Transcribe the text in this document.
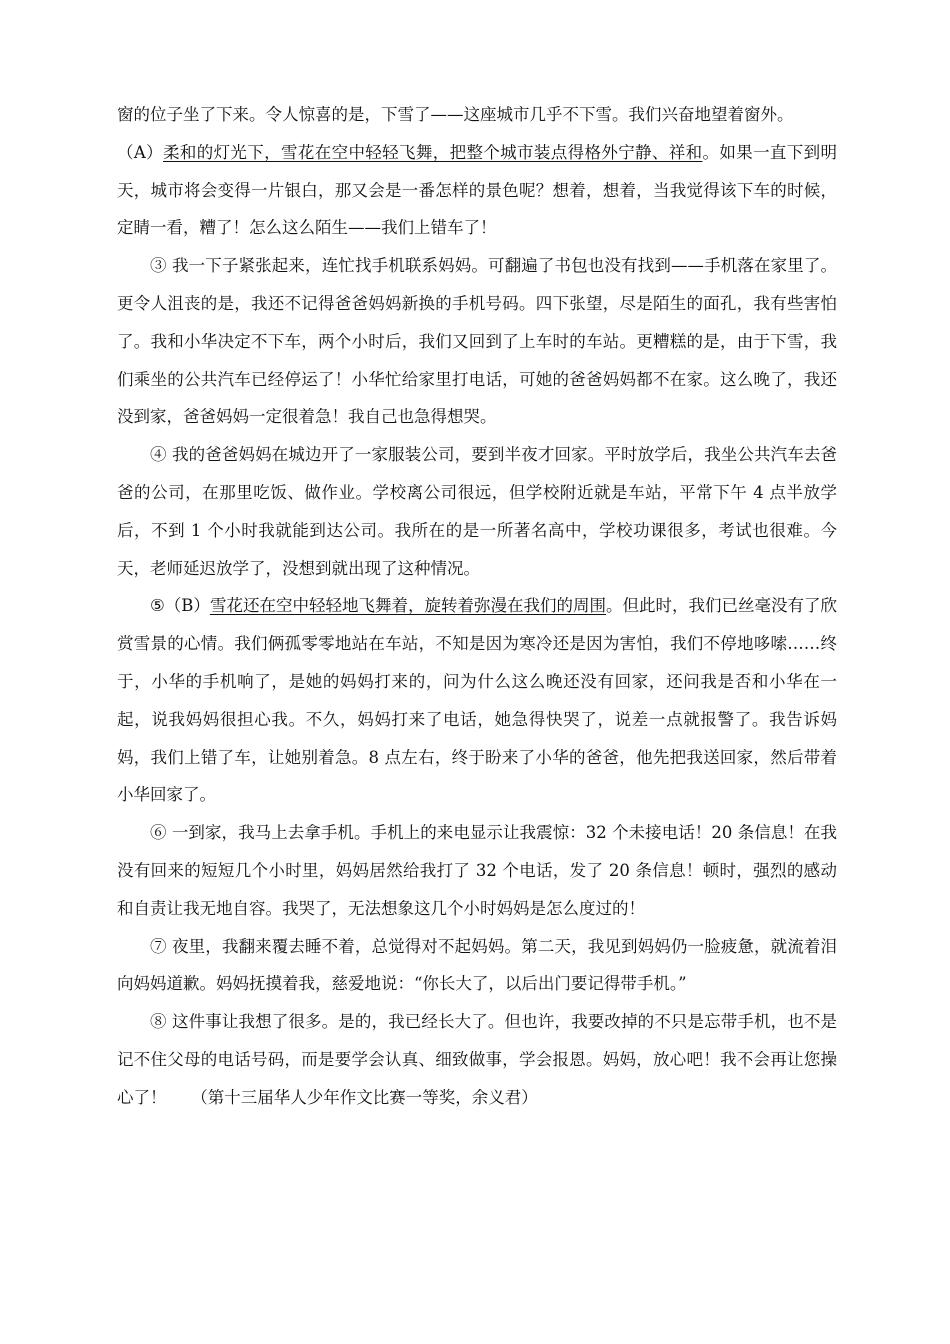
窗的位子坐了下来。令人惊喜的是，下雪了——这座城市几乎不下雪。我们兴奋地望着窗外。

（A）柔和的灯光下，雪花在空中轻轻飞舞，把整个城市装点得格外宁静、祥和。如果一直下到明天，城市将会变得一片银白，那又会是一番怎样的景色呢？想着，想着，当我觉得该下车的时候，定睛一看，糟了！怎么这么陌生——我们上错车了！

③ 我一下子紧张起来，连忙找手机联系妈妈。可翻遍了书包也没有找到——手机落在家里了。更令人沮丧的是，我还不记得爸爸妈妈新换的手机号码。四下张望，尽是陌生的面孔，我有些害怕了。我和小华决定不下车，两个小时后，我们又回到了上车时的车站。更糟糕的是，由于下雪，我们乘坐的公共汽车已经停运了！小华忙给家里打电话，可她的爸爸妈妈都不在家。这么晚了，我还没到家，爸爸妈妈一定很着急！我自己也急得想哭。

④ 我的爸爸妈妈在城边开了一家服装公司，要到半夜才回家。平时放学后，我坐公共汽车去爸爸的公司，在那里吃饭、做作业。学校离公司很远，但学校附近就是车站，平常下午 4 点半放学后，不到 1 个小时我就能到达公司。我所在的是一所著名高中，学校功课很多，考试也很难。今天，老师延迟放学了，没想到就出现了这种情况。

⑤（B）雪花还在空中轻轻地飞舞着，旋转着弥漫在我们的周围。但此时，我们已丝毫没有了欣赏雪景的心情。我们俩孤零零地站在车站，不知是因为寒冷还是因为害怕，我们不停地哆嗦……终于，小华的手机响了，是她的妈妈打来的，问为什么这么晚还没有回家，还问我是否和小华在一起，说我妈妈很担心我。不久，妈妈打来了电话，她急得快哭了，说差一点就报警了。我告诉妈妈，我们上错了车，让她别着急。8 点左右，终于盼来了小华的爸爸，他先把我送回家，然后带着小华回家了。

⑥ 一到家，我马上去拿手机。手机上的来电显示让我震惊：32 个未接电话！20 条信息！在我没有回来的短短几个小时里，妈妈居然给我打了 32 个电话，发了 20 条信息！顿时，强烈的感动和自责让我无地自容。我哭了，无法想象这几个小时妈妈是怎么度过的！

⑦ 夜里，我翻来覆去睡不着，总觉得对不起妈妈。第二天，我见到妈妈仍一脸疲惫，就流着泪向妈妈道歉。妈妈抚摸着我，慈爱地说：“你长大了，以后出门要记得带手机。”

⑧ 这件事让我想了很多。是的，我已经长大了。但也许，我要改掉的不只是忘带手机，也不是记不住父母的电话号码，而是要学会认真、细致做事，学会报恩。妈妈，放心吧！我不会再让您操心了！　　（第十三届华人少年作文比赛一等奖，余义君）
